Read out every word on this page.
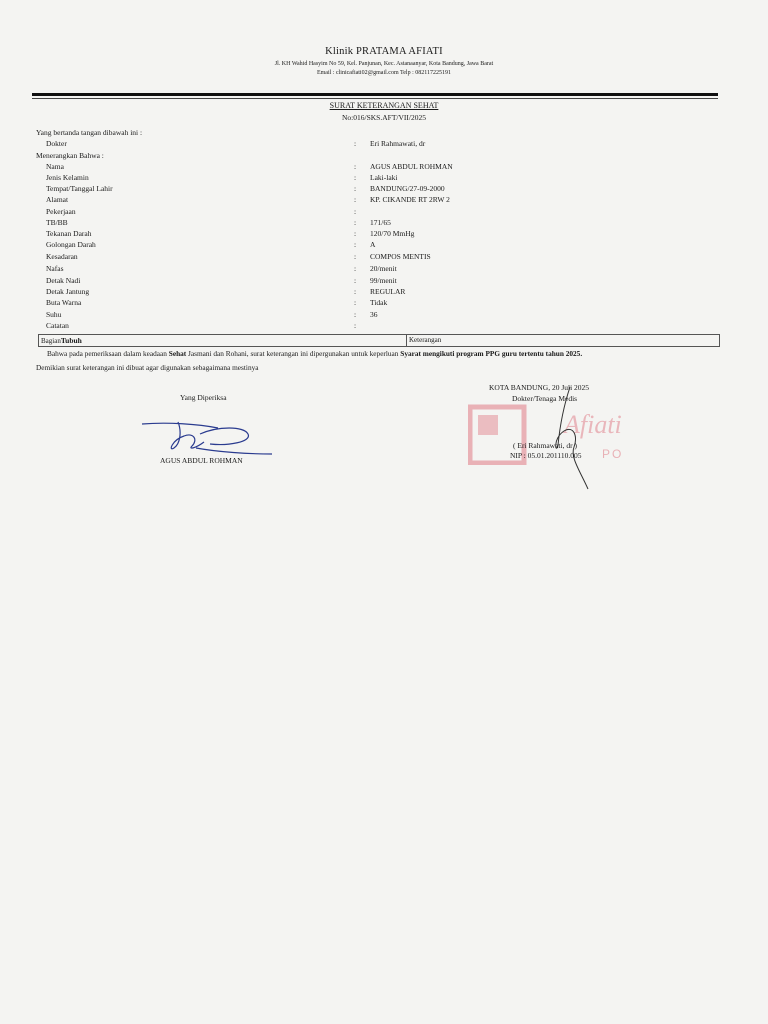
Klinik PRATAMA AFIATI
Jl. KH Wahid Hasyim No 59, Kel. Panjunan, Kec. Astanaanyar, Kota Bandung, Jawa Barat
Email : clinicafiati02@gmail.com Telp : 082117225191
SURAT KETERANGAN SEHAT
No:016/SKS.AFT/VII/2025
Yang bertanda tangan dibawah ini :
Dokter	: Eri Rahmawati, dr
Menerangkan Bahwa :
Nama	: AGUS ABDUL ROHMAN
Jenis Kelamin	: Laki-laki
Tempat/Tanggal Lahir	: BANDUNG/27-09-2000
Alamat	: KP. CIKANDE RT 2RW 2
Pekerjaan	:
TB/BB	: 171/65
Tekanan Darah	: 120/70 MmHg
Golongan Darah	: A
Kesadaran	: COMPOS MENTIS
Nafas	: 20/menit
Detak Nadi	: 99/menit
Detak Jantung	: REGULAR
Buta Warna	: Tidak
Suhu	: 36
Catatan	:
BagianTubuh	Keterangan
Bahwa pada pemeriksaan dalam keadaan Sehat Jasmani dan Rohani, surat keterangan ini dipergunakan untuk keperluan Syarat mengikuti program PPG guru tertentu tahun 2025.
Demikian surat keterangan ini dibuat agar digunakan sebagaimana mestinya
Yang Diperiksa
AGUS ABDUL ROHMAN
Afiati
PO
KOTA BANDUNG, 20 Juli 2025
Dokter/Tenaga Medis
( Eri Rahmawati, dr )
NIP : 05.01.201110.005
